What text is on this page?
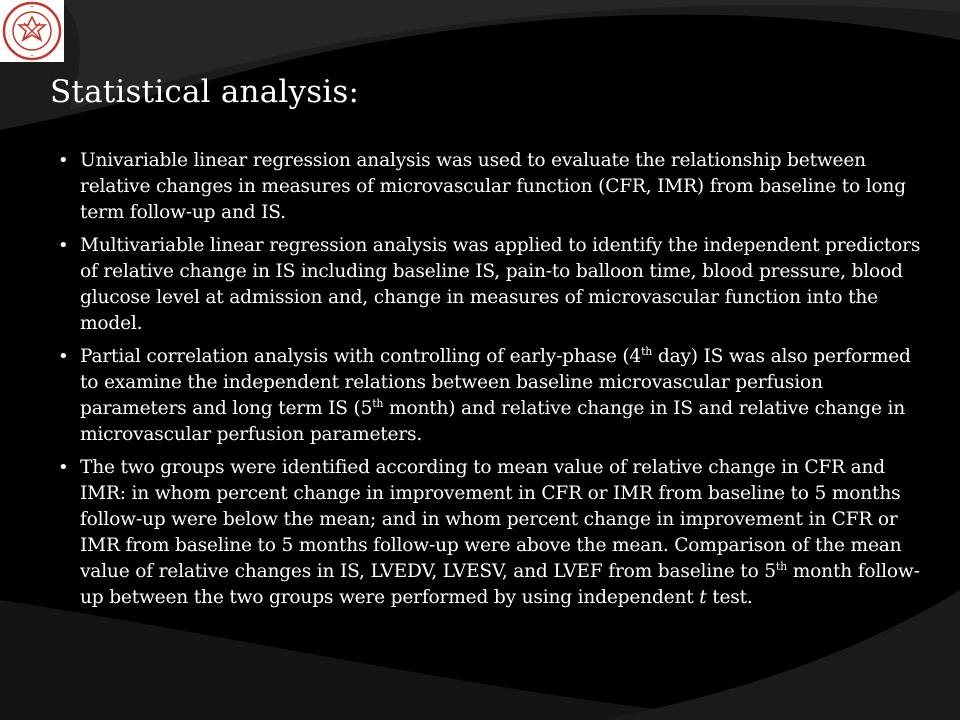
Statistical analysis:
• Univariable linear regression analysis was used to evaluate the relationship between relative changes in measures of microvascular function (CFR, IMR) from baseline to long term follow-up and IS.
• Multivariable linear regression analysis was applied to identify the independent predictors of relative change in IS including baseline IS, pain-to balloon time, blood pressure, blood glucose level at admission and, change in measures of microvascular function into the model.
• Partial correlation analysis with controlling of early-phase (4th day) IS was also performed to examine the independent relations between baseline microvascular perfusion parameters and long term IS (5th month) and relative change in IS and relative change in microvascular perfusion parameters.
• The two groups were identified according to mean value of relative change in CFR and IMR: in whom percent change in improvement in CFR or IMR from baseline to 5 months follow-up were below the mean; and in whom percent change in improvement in CFR or IMR from baseline to 5 months follow-up were above the mean. Comparison of the mean value of relative changes in IS, LVEDV, LVESV, and LVEF from baseline to 5th month follow-up between the two groups were performed by using independent t test.
